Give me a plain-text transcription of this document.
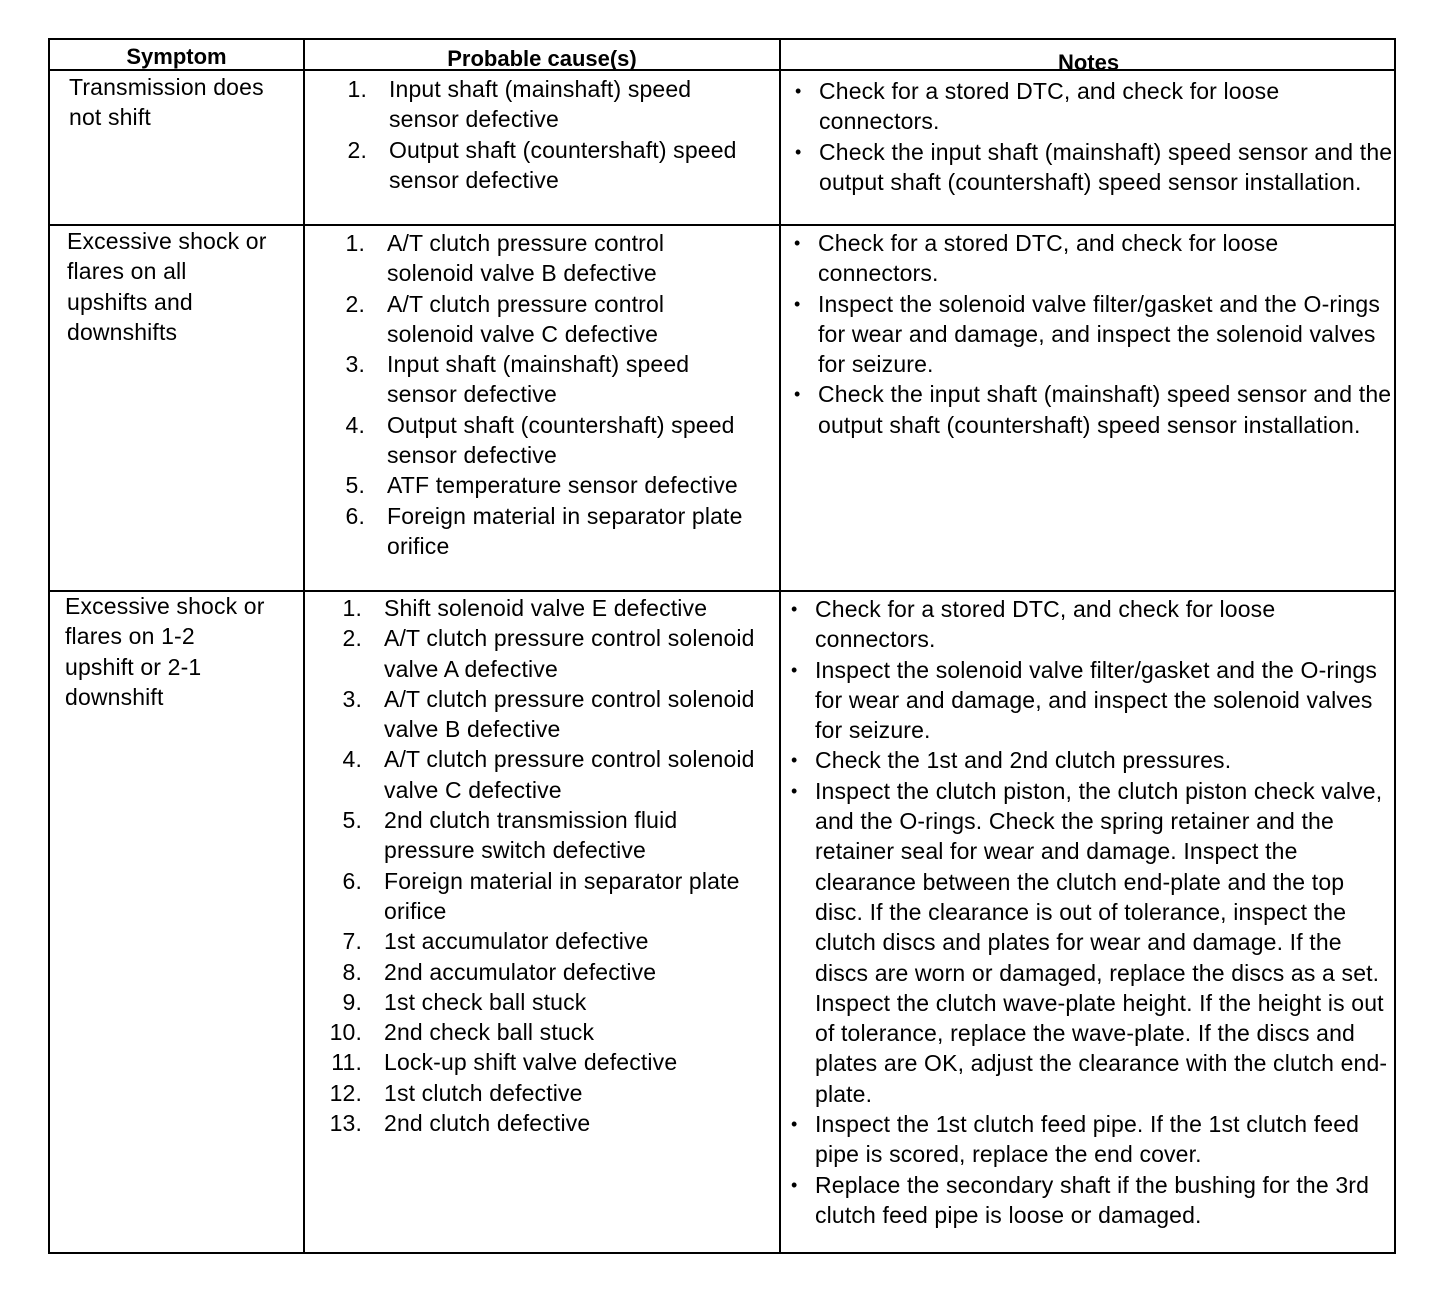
Symptom	Probable cause(s)	Notes
Transmission does
not shift
1. Input shaft (mainshaft) speed sensor defective
2. Output shaft (countershaft) speed sensor defective
• Check for a stored DTC, and check for loose connectors.
• Check the input shaft (mainshaft) speed sensor and the output shaft (countershaft) speed sensor installation.
Excessive shock or
flares on all
upshifts and
downshifts
1. A/T clutch pressure control solenoid valve B defective
2. A/T clutch pressure control solenoid valve C defective
3. Input shaft (mainshaft) speed sensor defective
4. Output shaft (countershaft) speed sensor defective
5. ATF temperature sensor defective
6. Foreign material in separator plate orifice
• Check for a stored DTC, and check for loose connectors.
• Inspect the solenoid valve filter/gasket and the O-rings for wear and damage, and inspect the solenoid valves for seizure.
• Check the input shaft (mainshaft) speed sensor and the output shaft (countershaft) speed sensor installation.
Excessive shock or
flares on 1-2
upshift or 2-1
downshift
1. Shift solenoid valve E defective
2. A/T clutch pressure control solenoid valve A defective
3. A/T clutch pressure control solenoid valve B defective
4. A/T clutch pressure control solenoid valve C defective
5. 2nd clutch transmission fluid pressure switch defective
6. Foreign material in separator plate orifice
7. 1st accumulator defective
8. 2nd accumulator defective
9. 1st check ball stuck
10. 2nd check ball stuck
11. Lock-up shift valve defective
12. 1st clutch defective
13. 2nd clutch defective
• Check for a stored DTC, and check for loose connectors.
• Inspect the solenoid valve filter/gasket and the O-rings for wear and damage, and inspect the solenoid valves for seizure.
• Check the 1st and 2nd clutch pressures.
• Inspect the clutch piston, the clutch piston check valve, and the O-rings. Check the spring retainer and the retainer seal for wear and damage. Inspect the clearance between the clutch end-plate and the top disc. If the clearance is out of tolerance, inspect the clutch discs and plates for wear and damage. If the discs are worn or damaged, replace the discs as a set. Inspect the clutch wave-plate height. If the height is out of tolerance, replace the wave-plate. If the discs and plates are OK, adjust the clearance with the clutch end-plate.
• Inspect the 1st clutch feed pipe. If the 1st clutch feed pipe is scored, replace the end cover.
• Replace the secondary shaft if the bushing for the 3rd clutch feed pipe is loose or damaged.
